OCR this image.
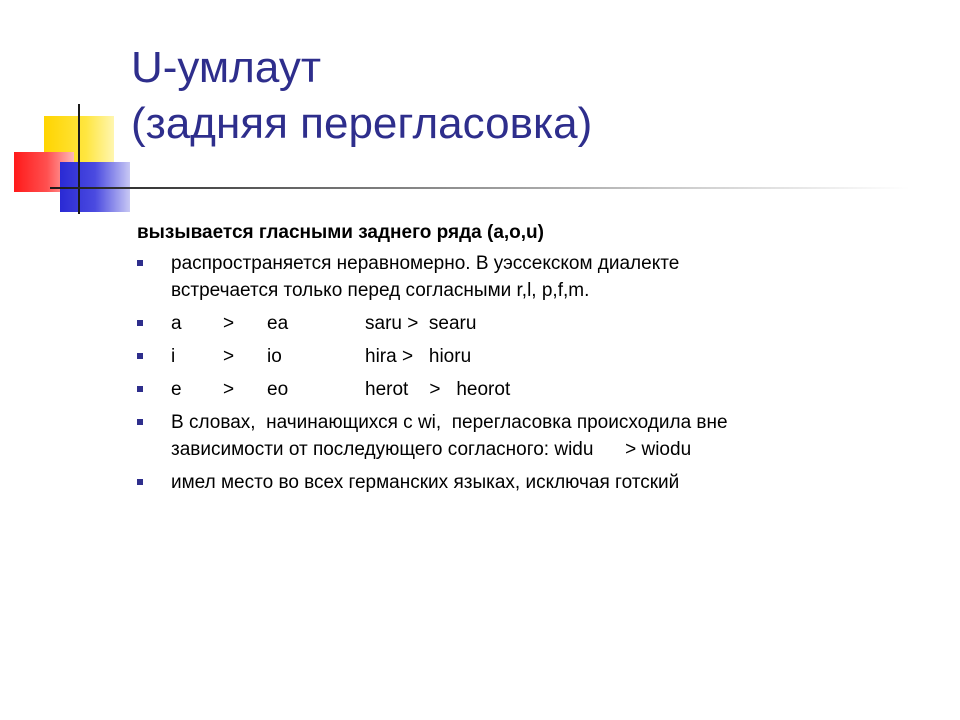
U-умлаут
(задняя перегласовка)

вызывается гласными заднего ряда (a,o,u)

распространяется неравномерно. В уэссекском диалекте
встречается только перед согласными r,l, p,f,m.
a	>	ea	saru >  searu
i	>	io	hira >   hioru
e	>	eo	herot    >   heorot
В словах,  начинающихся с wi,  перегласовка происходила вне
зависимости от последующего согласного: widu      > wiodu
имел место во всех германских языках, исключая готский
